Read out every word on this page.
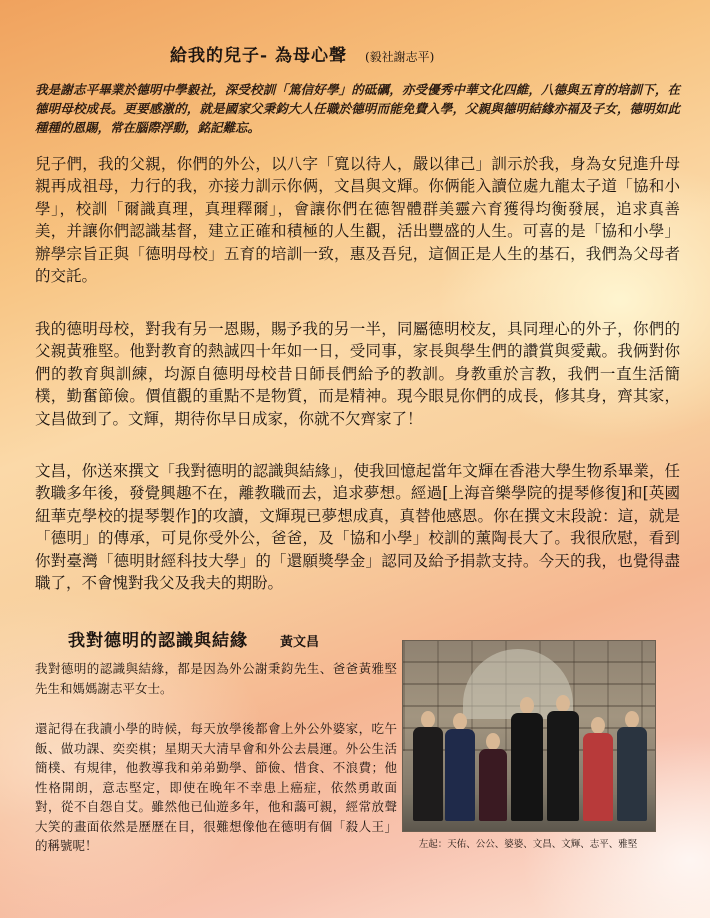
給我的兒子- 為母心聲 (毅社謝志平)
我是謝志平畢業於德明中學毅社，深受校訓「篤信好學」的砥礪，亦受優秀中華文化四維，八德與五育的培訓下，在德明母校成長。更要感激的，就是國家父秉鈞大人任職於德明而能免費入學，父親與德明結緣亦福及子女，德明如此種種的恩賜，常在腦際浮動，銘記難忘。
兒子們，我的父親，你們的外公，以八字「寬以待人，嚴以律己」訓示於我，身為女兒進升母親再成祖母，力行的我，亦接力訓示你俩，文昌與文輝。你俩能入讀位處九龍太子道「協和小學」，校訓「爾識真理，真理釋爾」，會讓你們在德智體群美靈六育獲得均衡發展，追求真善美，并讓你們認識基督，建立正確和積極的人生觀，活出豐盛的人生。可喜的是「協和小學」辦學宗旨正與「德明母校」五育的培訓一致，惠及吾兒，這個正是人生的基石，我們為父母者的交託。
我的德明母校，對我有另一恩賜，賜予我的另一半，同屬德明校友，具同理心的外子，你們的父親黃雅堅。他對教育的熱誠四十年如一日，受同事，家長與學生們的讚賞與愛戴。我俩對你們的教育與訓練，均源自德明母校昔日師長們給予的教訓。身教重於言教，我們一直生活簡樸，勤奮節儉。價值觀的重點不是物質，而是精神。現今眼見你們的成長，修其身，齊其家，文昌做到了。文輝，期待你早日成家，你就不欠齊家了！
文昌，你送來撰文「我對德明的認識與結緣」，使我回憶起當年文輝在香港大學生物系畢業，任教職多年後，發覺興趣不在，離教職而去，追求夢想。經過[上海音樂學院的提琴修復]和[英國紐華克學校的提琴製作]的攻讀，文輝現已夢想成真，真替他感恩。你在撰文末段說：這，就是「德明」的傳承，可見你受外公，爸爸，及「協和小學」校訓的薰陶長大了。我很欣慰，看到你對臺灣「德明財經科技大學」的「還願獎學金」認同及給予捐款支持。今天的我，也覺得盡職了，不會愧對我父及我夫的期盼。
我對德明的認識與結緣 黃文昌
我對德明的認識與結緣，都是因為外公謝秉鈞先生、爸爸黃雅堅先生和媽媽謝志平女士。
還記得在我讀小學的時候，每天放學後都會上外公外婆家，吃午飯、做功課、奕奕棋；星期天大清早會和外公去晨運。外公生活簡樸、有規律，他教導我和弟弟勤學、節儉、惜食、不浪費；他性格開朗，意志堅定，即使在晚年不幸患上癌症，依然勇敢面對，從不自怨自艾。雖然他已仙遊多年，他和藹可親，經常放聲大笑的畫面依然是歷歷在目，很難想像他在德明有個「殺人王」的稱號呢！	左起：天佑、公公、婆婆、文昌、文輝、志平、雅堅
